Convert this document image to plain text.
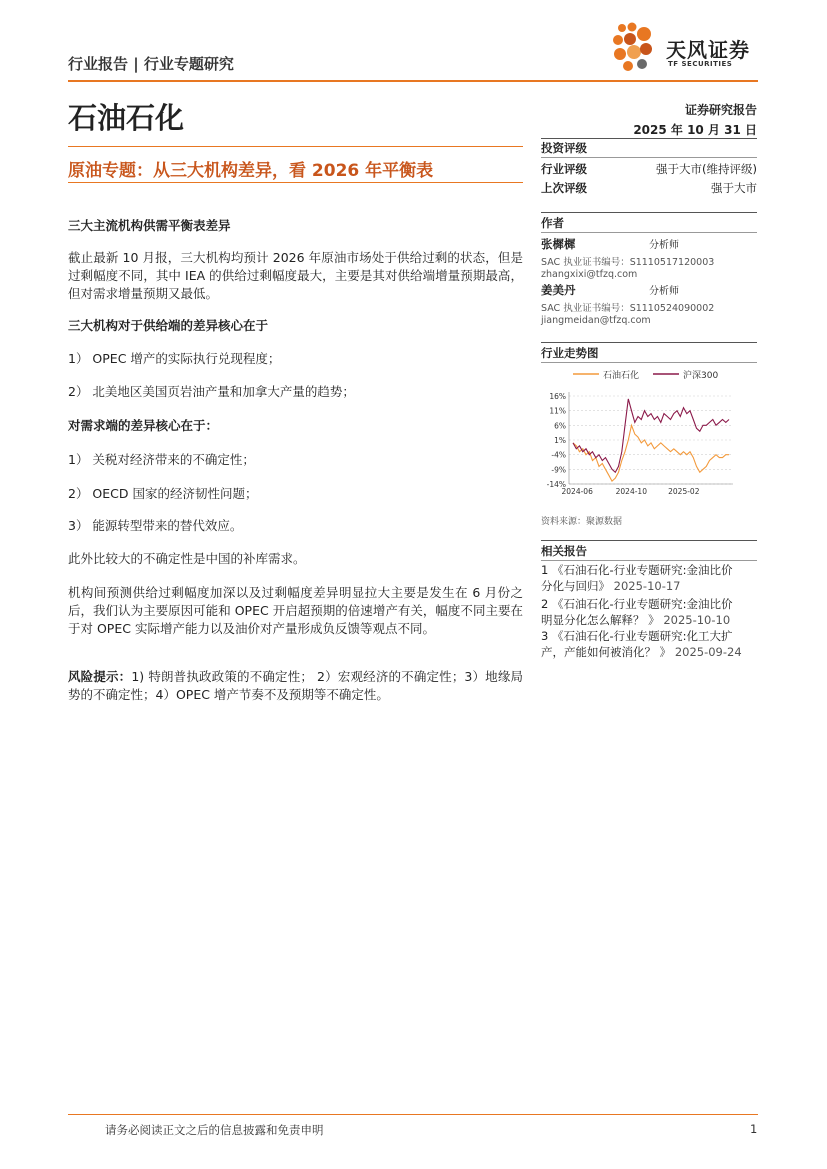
行业报告 | 行业专题研究
天风证券
TF SECURITIES
石油石化
原油专题：从三大机构差异，看 2026 年平衡表
三大主流机构供需平衡表差异

截止最新 10 月报，三大机构均预计 2026 年原油市场处于供给过剩的状态，但是过剩幅度不同，其中 IEA 的供给过剩幅度最大，主要是其对供给端增量预期最高，但对需求增量预期又最低。

三大机构对于供给端的差异核心在于
1） OPEC 增产的实际执行兑现程度；
2） 北美地区美国页岩油产量和加拿大产量的趋势；
对需求端的差异核心在于：
1） 关税对经济带来的不确定性；
2） OECD 国家的经济韧性问题；
3） 能源转型带来的替代效应。

此外比较大的不确定性是中国的补库需求。

机构间预测供给过剩幅度加深以及过剩幅度差异明显拉大主要是发生在 6 月份之后，我们认为主要原因可能和 OPEC 开启超预期的倍速增产有关，幅度不同主要在于对 OPEC 实际增产能力以及油价对产量形成负反馈等观点不同。

风险提示：1) 特朗普执政政策的不确定性； 2）宏观经济的不确定性；3）地缘局势的不确定性；4）OPEC 增产节奏不及预期等不确定性。

证券研究报告
2025 年 10 月 31 日
投资评级
行业评级	强于大市(维持评级)
上次评级	强于大市
作者
张樨樨	分析师
SAC 执业证书编号：S1110517120003
zhangxixi@tfzq.com
姜美丹	分析师
SAC 执业证书编号：S1110524090002
jiangmeidan@tfzq.com
行业走势图
石油石化	沪深300
16%
11%
6%
1%
-4%
-9%
-14%
2024-06	2024-10	2025-02
资料来源：聚源数据
相关报告
1 《石油石化-行业专题研究:金油比价
分化与回归》 2025-10-17
2 《石油石化-行业专题研究:金油比价
明显分化怎么解释？ 》 2025-10-10
3 《石油石化-行业专题研究:化工大扩
产，产能如何被消化？ 》 2025-09-24
请务必阅读正文之后的信息披露和免责申明	1
